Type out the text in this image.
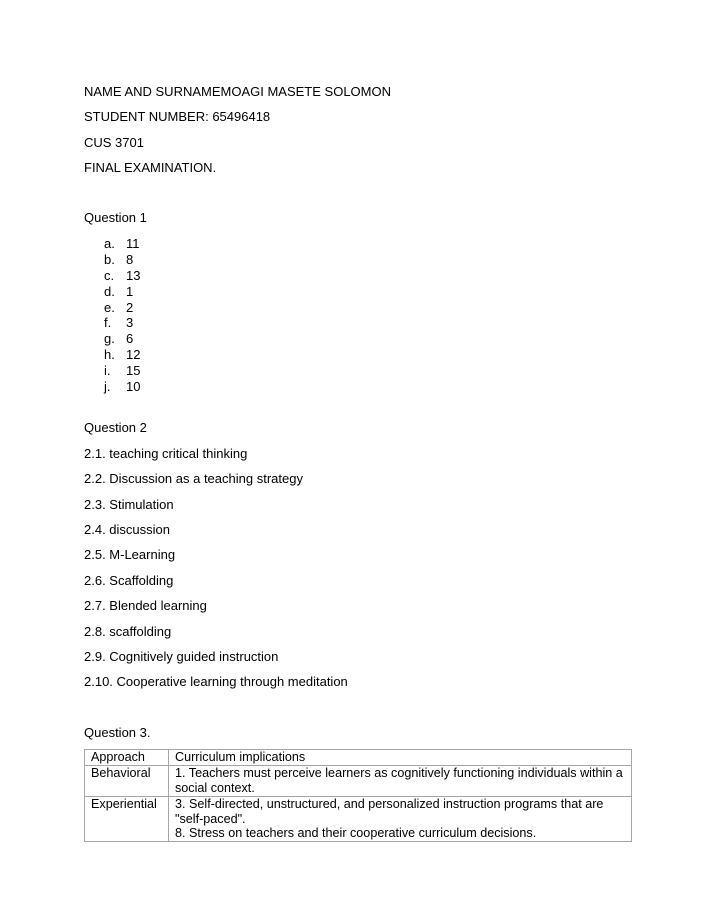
NAME AND SURNAMEMOAGI MASETE SOLOMON
STUDENT NUMBER: 65496418
CUS 3701
FINAL EXAMINATION.
Question 1
a. 11
b. 8
c. 13
d. 1
e. 2
f. 3
g. 6
h. 12
i. 15
j. 10
Question 2
2.1. teaching critical thinking
2.2. Discussion as a teaching strategy
2.3. Stimulation
2.4. discussion
2.5. M-Learning
2.6. Scaffolding
2.7. Blended learning
2.8. scaffolding
2.9. Cognitively guided instruction
2.10. Cooperative learning through meditation
Question 3.
Approach	Curriculum implications
Behavioral	1. Teachers must perceive learners as cognitively functioning individuals within a social context.

Experiential	3. Self-directed, unstructured, and personalized instruction programs that are "self-paced".
8. Stress on teachers and their cooperative curriculum decisions.
